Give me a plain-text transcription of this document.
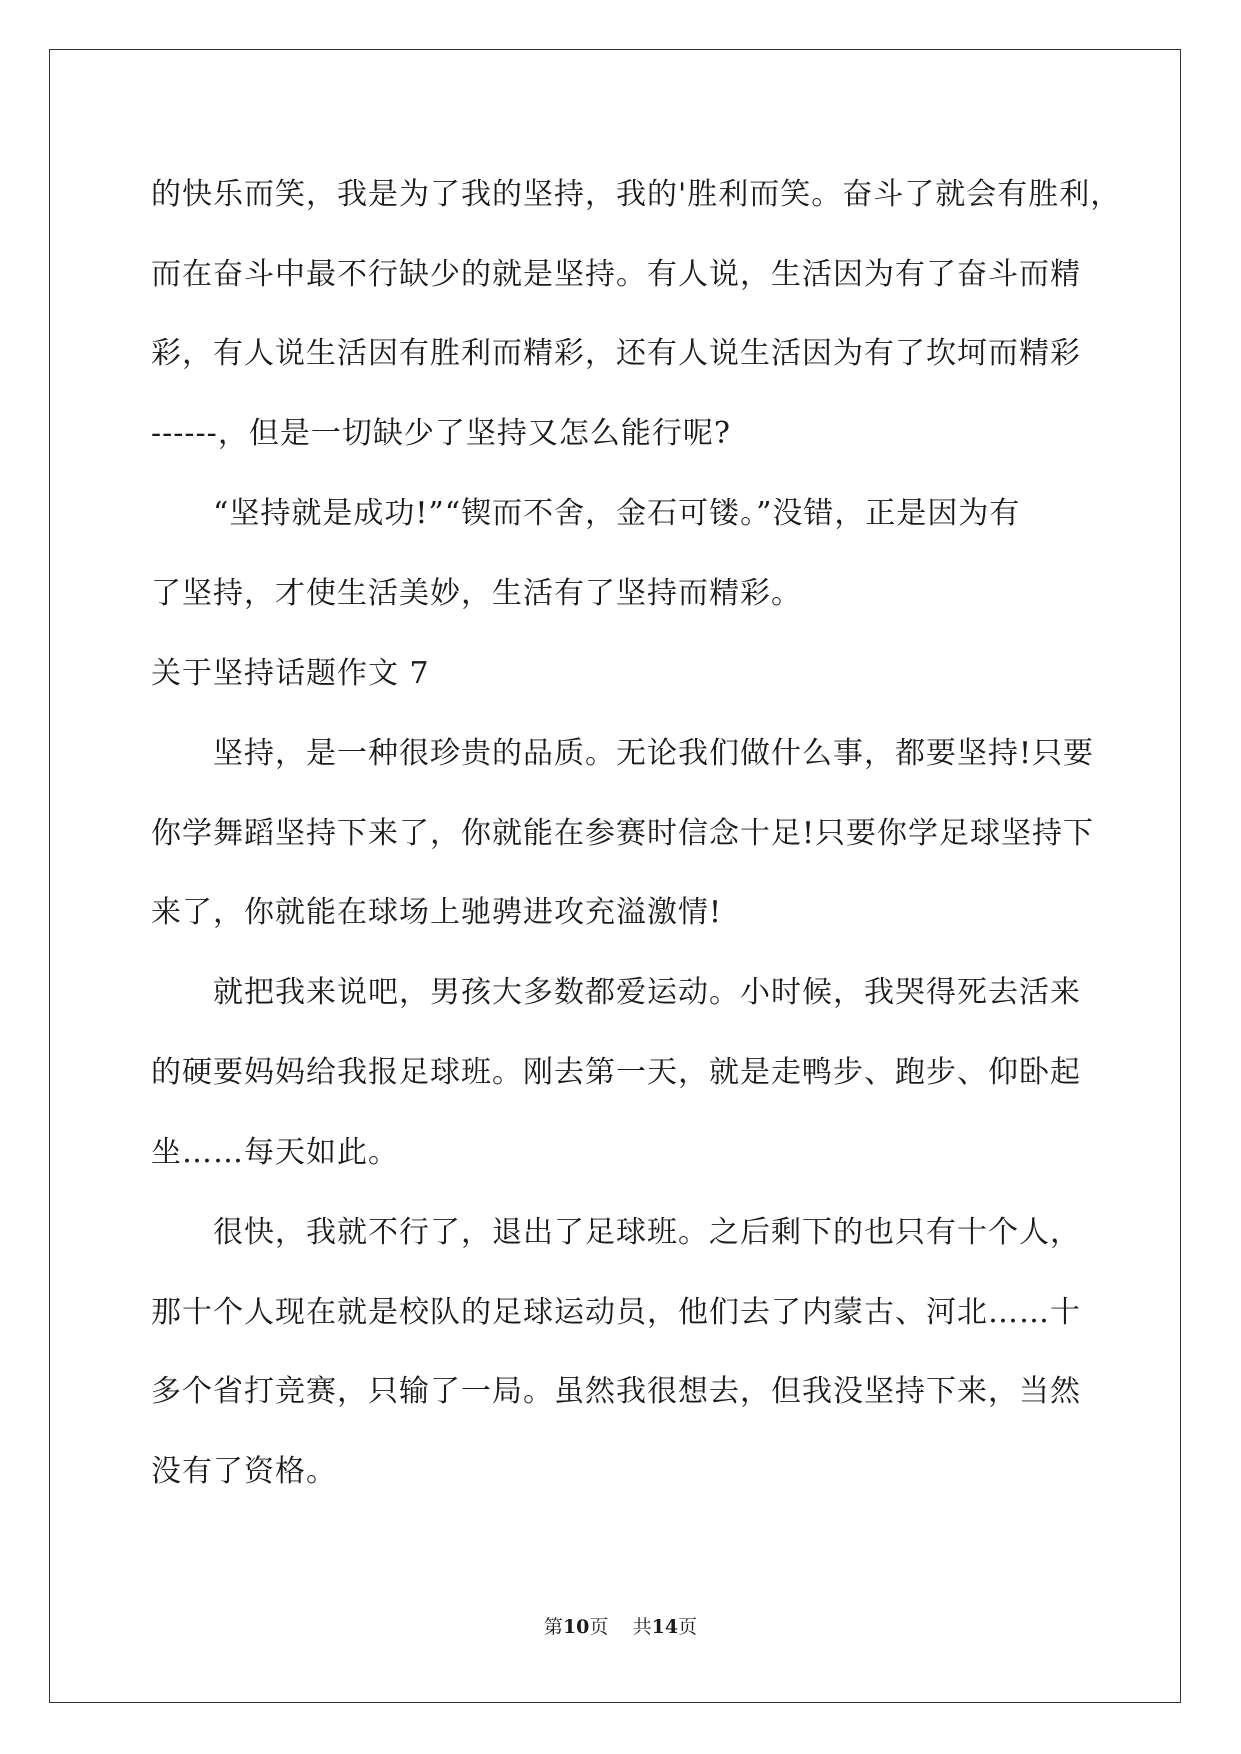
的快乐而笑，我是为了我的坚持，我的'胜利而笑。奋斗了就会有胜利，
而在奋斗中最不行缺少的就是坚持。有人说，生活因为有了奋斗而精
彩，有人说生活因有胜利而精彩，还有人说生活因为有了坎坷而精彩
------，但是一切缺少了坚持又怎么能行呢?
“坚持就是成功!”“锲而不舍，金石可镂。”没错，正是因为有
了坚持，才使生活美妙，生活有了坚持而精彩。
关于坚持话题作文 7
坚持，是一种很珍贵的品质。无论我们做什么事，都要坚持!只要
你学舞蹈坚持下来了，你就能在参赛时信念十足!只要你学足球坚持下
来了，你就能在球场上驰骋进攻充溢激情!
就把我来说吧，男孩大多数都爱运动。小时候，我哭得死去活来
的硬要妈妈给我报足球班。刚去第一天，就是走鸭步、跑步、仰卧起
坐……每天如此。
很快，我就不行了，退出了足球班。之后剩下的也只有十个人，
那十个人现在就是校队的足球运动员，他们去了内蒙古、河北……十
多个省打竞赛，只输了一局。虽然我很想去，但我没坚持下来，当然
没有了资格。
第10页 共14页
